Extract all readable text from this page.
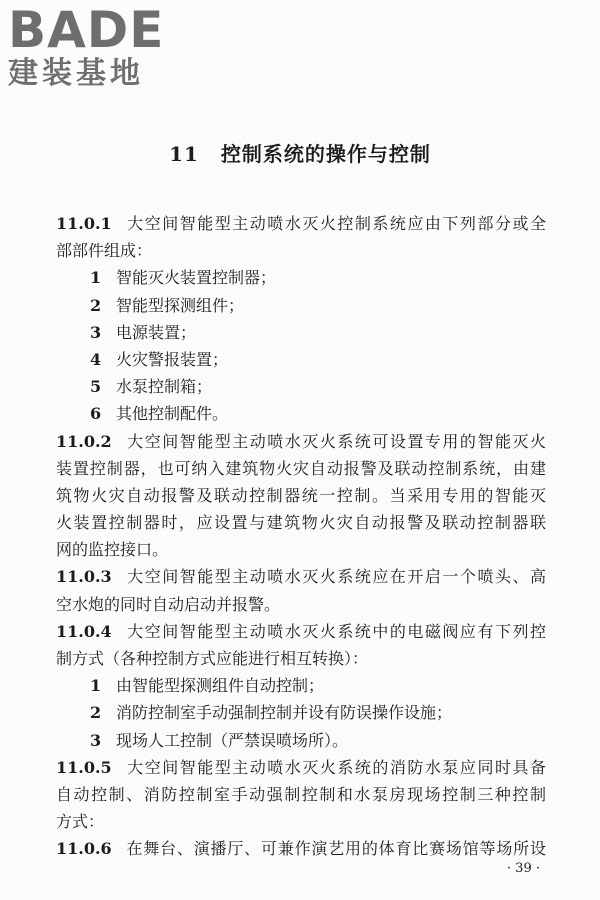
BADE
建装基地
11 控制系统的操作与控制
11.0.1 大空间智能型主动喷水灭火控制系统应由下列部分或全
部部件组成：
1 智能灭火装置控制器；
2 智能型探测组件；
3 电源装置；
4 火灾警报装置；
5 水泵控制箱；
6 其他控制配件。
11.0.2 大空间智能型主动喷水灭火系统可设置专用的智能灭火
装置控制器，也可纳入建筑物火灾自动报警及联动控制系统，由建
筑物火灾自动报警及联动控制器统一控制。当采用专用的智能灭
火装置控制器时，应设置与建筑物火灾自动报警及联动控制器联
网的监控接口。
11.0.3 大空间智能型主动喷水灭火系统应在开启一个喷头、高
空水炮的同时自动启动并报警。
11.0.4 大空间智能型主动喷水灭火系统中的电磁阀应有下列控
制方式（各种控制方式应能进行相互转换）：
1 由智能型探测组件自动控制；
2 消防控制室手动强制控制并设有防误操作设施；
3 现场人工控制（严禁误喷场所）。
11.0.5 大空间智能型主动喷水灭火系统的消防水泵应同时具备
自动控制、消防控制室手动强制控制和水泵房现场控制三种控制
方式：
11.0.6 在舞台、演播厅、可兼作演艺用的体育比赛场馆等场所设
· 39 ·
